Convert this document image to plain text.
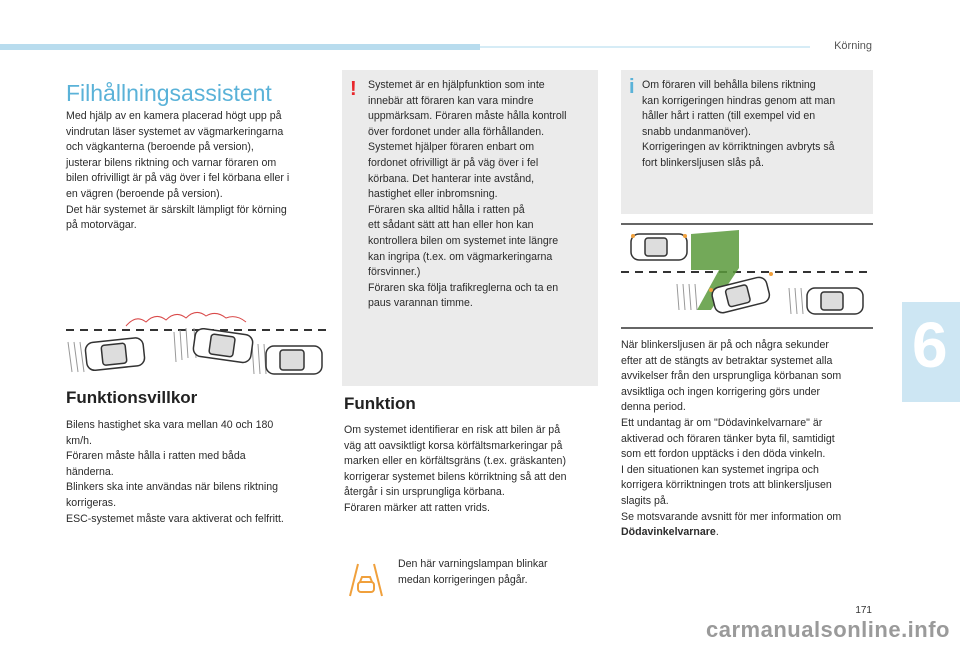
Körning
6
Filhållningsassistent

Med hjälp av en kamera placerad högt upp på
vindrutan läser systemet av vägmarkeringarna
och vägkanterna (beroende på version),
justerar bilens riktning och varnar föraren om
bilen ofrivilligt är på väg över i fel körbana eller i
en vägren (beroende på version).
Det här systemet är särskilt lämpligt för körning
på motorvägar.

Funktionsvillkor

Bilens hastighet ska vara mellan 40 och 180
km/h.
Föraren måste hålla i ratten med båda
händerna.
Blinkers ska inte användas när bilens riktning
korrigeras.
ESC-systemet måste vara aktiverat och felfritt.

! Systemet är en hjälpfunktion som inte
innebär att föraren kan vara mindre
uppmärksam. Föraren måste hålla kontroll
över fordonet under alla förhållanden.
Systemet hjälper föraren enbart om
fordonet ofrivilligt är på väg över i fel
körbana. Det hanterar inte avstånd,
hastighet eller inbromsning.
Föraren ska alltid hålla i ratten på
ett sådant sätt att han eller hon kan
kontrollera bilen om systemet inte längre
kan ingripa (t.ex. om vägmarkeringarna
försvinner.)
Föraren ska följa trafikreglerna och ta en
paus varannan timme.

Funktion

Om systemet identifierar en risk att bilen är på
väg att oavsiktligt korsa körfältsmarkeringar på
marken eller en körfältsgräns (t.ex. gräskanten)
korrigerar systemet bilens körriktning så att den
återgår i sin ursprungliga körbana.
Föraren märker att ratten vrids.

Den här varningslampan blinkar
medan korrigeringen pågår.

i Om föraren vill behålla bilens riktning
kan korrigeringen hindras genom att man
håller hårt i ratten (till exempel vid en
snabb undanmanöver).
Korrigeringen av körriktningen avbryts så
fort blinkersljusen slås på.

När blinkersljusen är på och några sekunder
efter att de stängts av betraktar systemet alla
avvikelser från den ursprungliga körbanan som
avsiktliga och ingen korrigering görs under
denna period.
Ett undantag är om "Dödavinkelvarnare" är
aktiverad och föraren tänker byta fil, samtidigt
som ett fordon upptäcks i den döda vinkeln.
I den situationen kan systemet ingripa och
korrigera körriktningen trots att blinkersljusen
slagits på.
Se motsvarande avsnitt för mer information om
Dödavinkelvarnare.

171
carmanualsonline.info
